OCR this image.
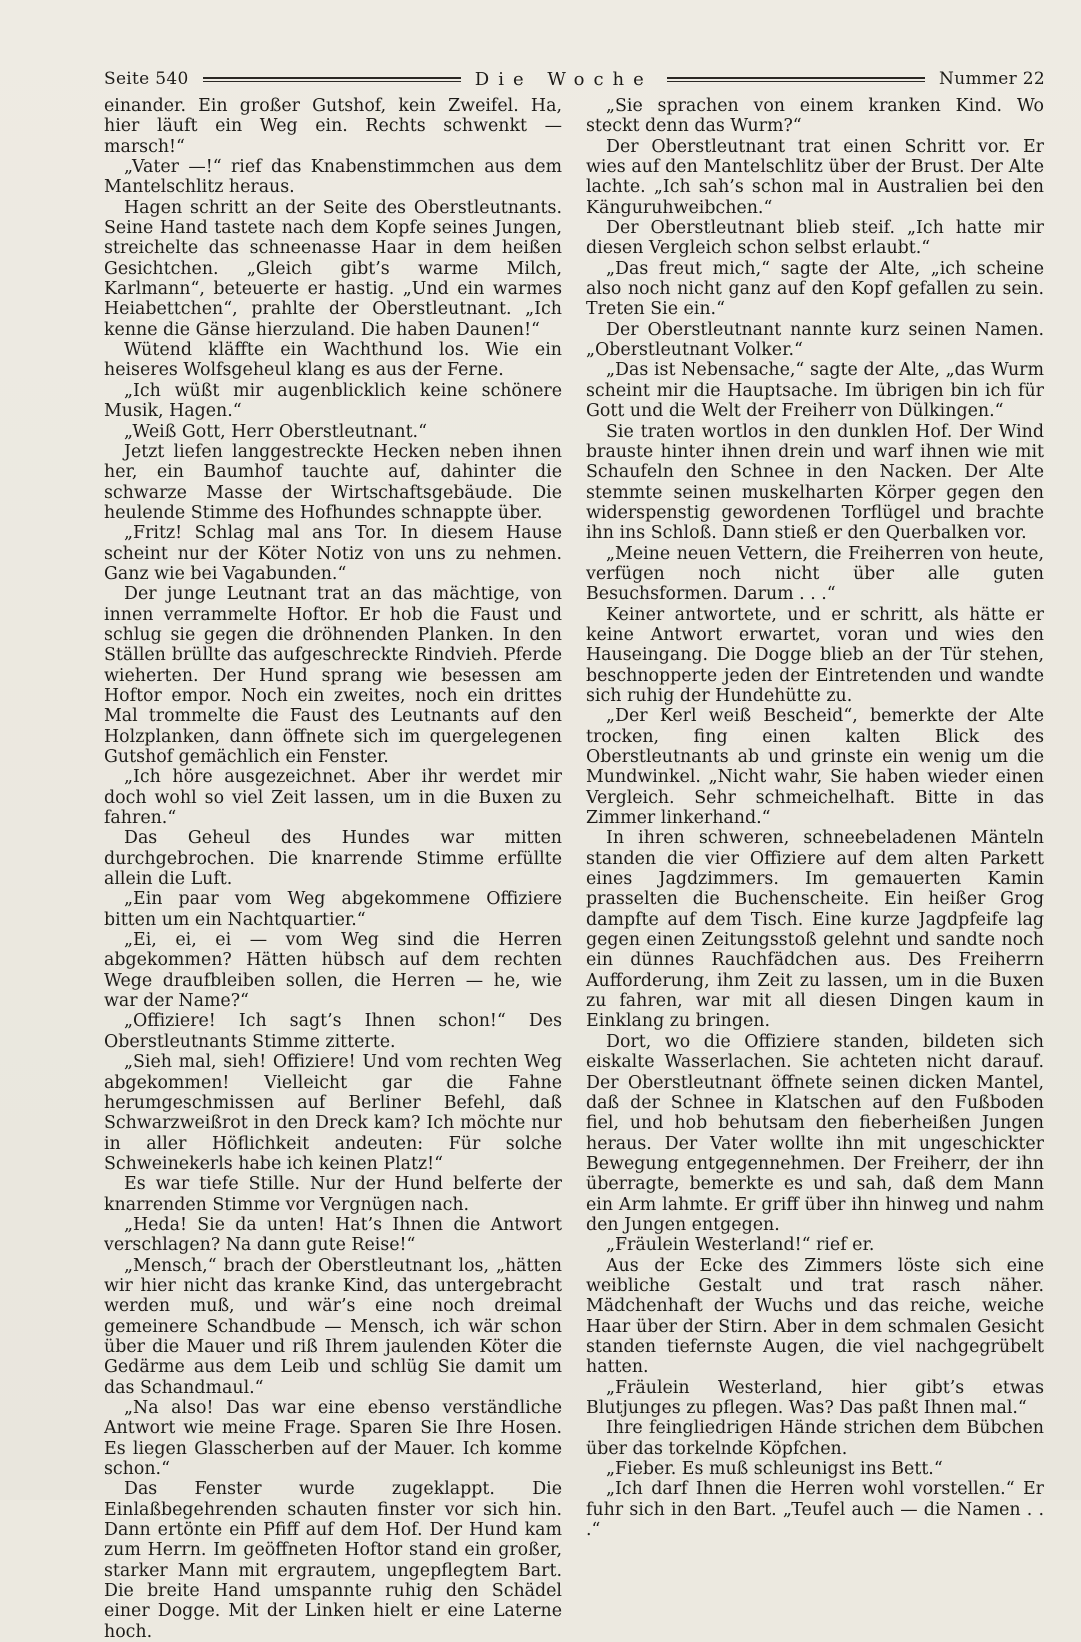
Seite 540	Die Woche	Nummer 22

einander. Ein großer Gutshof, kein Zweifel. Ha, hier läuft ein Weg ein. Rechts schwenkt — marsch!“

„Vater —!“ rief das Knabenstimmchen aus dem Mantelschlitz heraus.

Hagen schritt an der Seite des Oberstleutnants. Seine Hand tastete nach dem Kopfe seines Jungen, streichelte das schneenasse Haar in dem heißen Gesichtchen. „Gleich gibt’s warme Milch, Karlmann“, beteuerte er hastig. „Und ein warmes Heiabettchen“, prahlte der Oberstleutnant. „Ich kenne die Gänse hierzuland. Die haben Daunen!“

Wütend kläffte ein Wachthund los. Wie ein heiseres Wolfsgeheul klang es aus der Ferne.

„Ich wüßt mir augenblicklich keine schönere Musik, Hagen.“

„Weiß Gott, Herr Oberstleutnant.“

Jetzt liefen langgestreckte Hecken neben ihnen her, ein Baumhof tauchte auf, dahinter die schwarze Masse der Wirtschaftsgebäude. Die heulende Stimme des Hofhundes schnappte über.

„Fritz! Schlag mal ans Tor. In diesem Hause scheint nur der Köter Notiz von uns zu nehmen. Ganz wie bei Vagabunden.“

Der junge Leutnant trat an das mächtige, von innen verrammelte Hoftor. Er hob die Faust und schlug sie gegen die dröhnenden Planken. In den Ställen brüllte das aufgeschreckte Rindvieh. Pferde wieherten. Der Hund sprang wie besessen am Hoftor empor. Noch ein zweites, noch ein drittes Mal trommelte die Faust des Leutnants auf den Holzplanken, dann öffnete sich im quergelegenen Gutshof gemächlich ein Fenster.

„Ich höre ausgezeichnet. Aber ihr werdet mir doch wohl so viel Zeit lassen, um in die Buxen zu fahren.“

Das Geheul des Hundes war mitten durchgebrochen. Die knarrende Stimme erfüllte allein die Luft.

„Ein paar vom Weg abgekommene Offiziere bitten um ein Nachtquartier.“

„Ei, ei, ei — vom Weg sind die Herren abgekommen? Hätten hübsch auf dem rechten Wege draufbleiben sollen, die Herren — he, wie war der Name?“

„Offiziere! Ich sagt’s Ihnen schon!“ Des Oberstleutnants Stimme zitterte.

„Sieh mal, sieh! Offiziere! Und vom rechten Weg abgekommen! Vielleicht gar die Fahne herumgeschmissen auf Berliner Befehl, daß Schwarzweißrot in den Dreck kam? Ich möchte nur in aller Höflichkeit andeuten: Für solche Schweinekerls habe ich keinen Platz!“

Es war tiefe Stille. Nur der Hund belferte der knarrenden Stimme vor Vergnügen nach.

„Heda! Sie da unten! Hat’s Ihnen die Antwort verschlagen? Na dann gute Reise!“

„Mensch,“ brach der Oberstleutnant los, „hätten wir hier nicht das kranke Kind, das untergebracht werden muß, und wär’s eine noch dreimal gemeinere Schandbude — Mensch, ich wär schon über die Mauer und riß Ihrem jaulenden Köter die Gedärme aus dem Leib und schlüg Sie damit um das Schandmaul.“

„Na also! Das war eine ebenso verständliche Antwort wie meine Frage. Sparen Sie Ihre Hosen. Es liegen Glasscherben auf der Mauer. Ich komme schon.“

Das Fenster wurde zugeklappt. Die Einlaßbegehrenden schauten finster vor sich hin. Dann ertönte ein Pfiff auf dem Hof. Der Hund kam zum Herrn. Im geöffneten Hoftor stand ein großer, starker Mann mit ergrautem, ungepflegtem Bart. Die breite Hand umspannte ruhig den Schädel einer Dogge. Mit der Linken hielt er eine Laterne hoch.

„Sie sprachen von einem kranken Kind. Wo steckt denn das Wurm?“

Der Oberstleutnant trat einen Schritt vor. Er wies auf den Mantelschlitz über der Brust. Der Alte lachte. „Ich sah’s schon mal in Australien bei den Känguruhweibchen.“

Der Oberstleutnant blieb steif. „Ich hatte mir diesen Vergleich schon selbst erlaubt.“

„Das freut mich,“ sagte der Alte, „ich scheine also noch nicht ganz auf den Kopf gefallen zu sein. Treten Sie ein.“

Der Oberstleutnant nannte kurz seinen Namen. „Oberstleutnant Volker.“

„Das ist Nebensache,“ sagte der Alte, „das Wurm scheint mir die Hauptsache. Im übrigen bin ich für Gott und die Welt der Freiherr von Dülkingen.“

Sie traten wortlos in den dunklen Hof. Der Wind brauste hinter ihnen drein und warf ihnen wie mit Schaufeln den Schnee in den Nacken. Der Alte stemmte seinen muskelharten Körper gegen den widerspenstig gewordenen Torflügel und brachte ihn ins Schloß. Dann stieß er den Querbalken vor.

„Meine neuen Vettern, die Freiherren von heute, verfügen noch nicht über alle guten Besuchsformen. Darum . . .“

Keiner antwortete, und er schritt, als hätte er keine Antwort erwartet, voran und wies den Hauseingang. Die Dogge blieb an der Tür stehen, beschnopperte jeden der Eintretenden und wandte sich ruhig der Hundehütte zu.

„Der Kerl weiß Bescheid“, bemerkte der Alte trocken, fing einen kalten Blick des Oberstleutnants ab und grinste ein wenig um die Mundwinkel. „Nicht wahr, Sie haben wieder einen Vergleich. Sehr schmeichelhaft. Bitte in das Zimmer linkerhand.“

In ihren schweren, schneebeladenen Mänteln standen die vier Offiziere auf dem alten Parkett eines Jagdzimmers. Im gemauerten Kamin prasselten die Buchenscheite. Ein heißer Grog dampfte auf dem Tisch. Eine kurze Jagdpfeife lag gegen einen Zeitungsstoß gelehnt und sandte noch ein dünnes Rauchfädchen aus. Des Freiherrn Aufforderung, ihm Zeit zu lassen, um in die Buxen zu fahren, war mit all diesen Dingen kaum in Einklang zu bringen.

Dort, wo die Offiziere standen, bildeten sich eiskalte Wasserlachen. Sie achteten nicht darauf. Der Oberstleutnant öffnete seinen dicken Mantel, daß der Schnee in Klatschen auf den Fußboden fiel, und hob behutsam den fieberheißen Jungen heraus. Der Vater wollte ihn mit ungeschickter Bewegung entgegennehmen. Der Freiherr, der ihn überragte, bemerkte es und sah, daß dem Mann ein Arm lahmte. Er griff über ihn hinweg und nahm den Jungen entgegen.

„Fräulein Westerland!“ rief er.

Aus der Ecke des Zimmers löste sich eine weibliche Gestalt und trat rasch näher. Mädchenhaft der Wuchs und das reiche, weiche Haar über der Stirn. Aber in dem schmalen Gesicht standen tiefernste Augen, die viel nachgegrübelt hatten.

„Fräulein Westerland, hier gibt’s etwas Blutjunges zu pflegen. Was? Das paßt Ihnen mal.“

Ihre feingliedrigen Hände strichen dem Bübchen über das torkelnde Köpfchen.

„Fieber. Es muß schleunigst ins Bett.“

„Ich darf Ihnen die Herren wohl vorstellen.“ Er fuhr sich in den Bart. „Teufel auch — die Namen . . .“
